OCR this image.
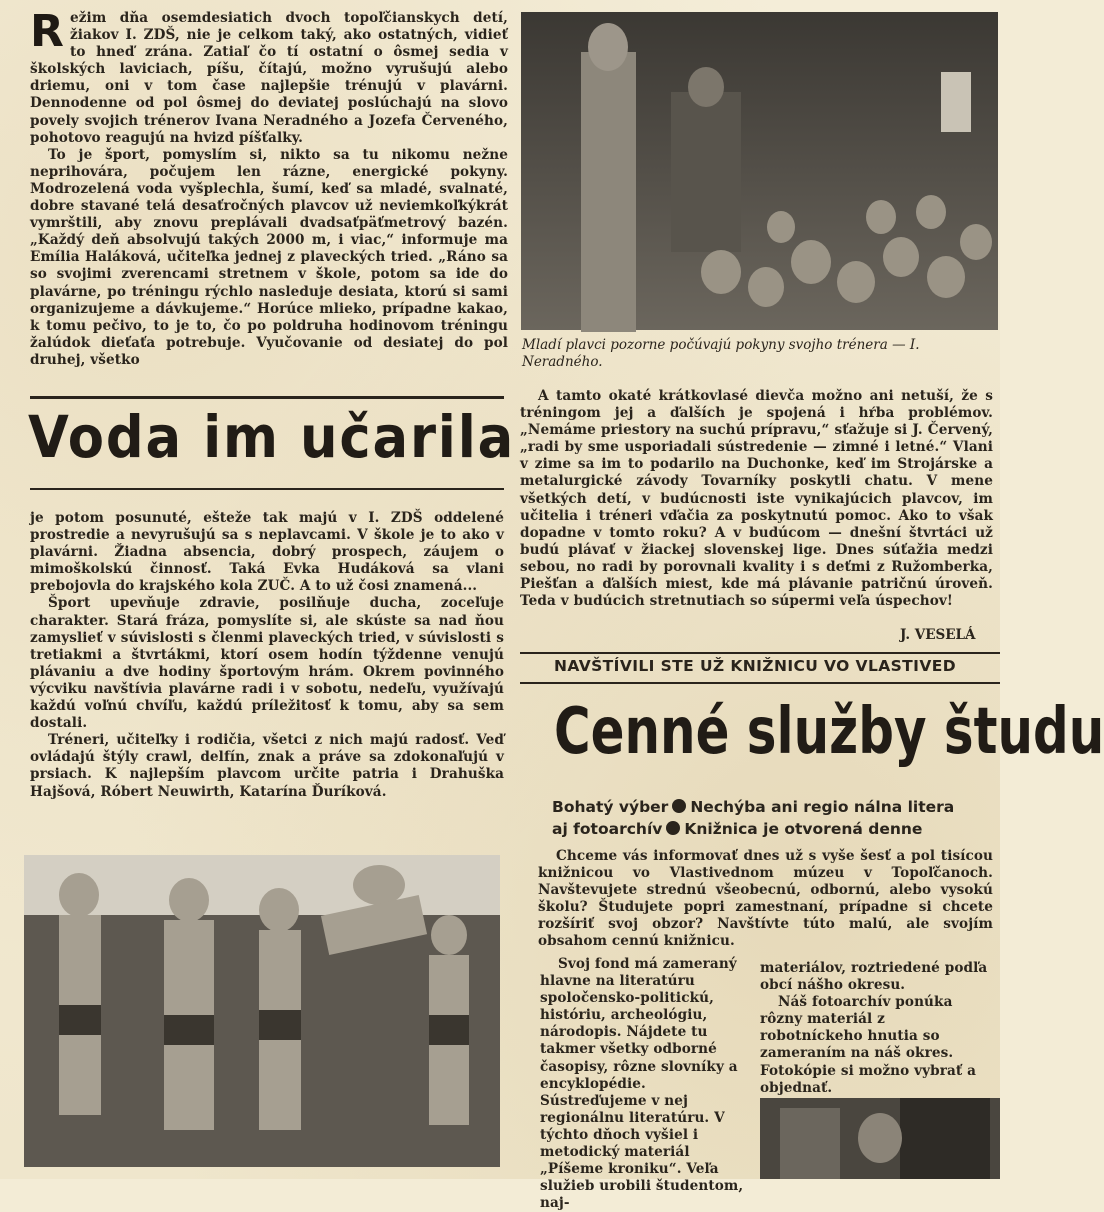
Režim dňa osemdesiatich dvoch topoľčianskych detí, žiakov I. ZDŠ, nie je celkom taký, ako ostatných, vidieť to hneď zrána. Zatiaľ čo tí ostatní o ôsmej sedia v školských laviciach, píšu, čítajú, možno vyrušujú alebo driemu, oni v tom čase najlepšie trénujú v plavárni. Dennodenne od pol ôsmej do deviatej poslúchajú na slovo povely svojich trénerov Ivana Neradného a Jozefa Červeného, pohotovo reagujú na hvizd píšťalky.

To je šport, pomyslím si, nikto sa tu nikomu nežne neprihovára, počujem len rázne, energické pokyny. Modrozelená voda vyšplechla, šumí, keď sa mladé, svalnaté, dobre stavané telá desaťročných plavcov už neviemkoľkýkrát vymrštili, aby znovu preplávali dvadsaťpäťmetrový bazén. „Každý deň absolvujú takých 2000 m, i viac,“ informuje ma Emília Haláková, učiteľka jednej z plaveckých tried. „Ráno sa so svojimi zverencami stretnem v škole, potom sa ide do plavárne, po tréningu rýchlo nasleduje desiata, ktorú si sami organizujeme a dávkujeme.“ Horúce mlieko, prípadne kakao, k tomu pečivo, to je to, čo po poldruha hodinovom tréningu žalúdok dieťaťa potrebuje. Vyučovanie od desiatej do pol druhej, všetko

Mladí plavci pozorne počúvajú pokyny svojho trénera — I. Neradného.

Voda im učarila

je potom posunuté, ešteže tak majú v I. ZDŠ oddelené prostredie a nevyrušujú sa s neplavcami. V škole je to ako v plavárni. Žiadna absencia, dobrý prospech, záujem o mimoškolskú činnosť. Taká Evka Hudáková sa vlani prebojovla do krajského kola ZUČ. A to už čosi znamená...

Šport upevňuje zdravie, posilňuje ducha, zoceľuje charakter. Stará fráza, pomyslíte si, ale skúste sa nad ňou zamyslieť v súvislosti s členmi plaveckých tried, v súvislosti s tretiakmi a štvrtákmi, ktorí osem hodín týždenne venujú plávaniu a dve hodiny športovým hrám. Okrem povinného výcviku navštívia plavárne radi i v sobotu, nedeľu, využívajú každú voľnú chvíľu, každú príležitosť k tomu, aby sa sem dostali.

Tréneri, učiteľky i rodičia, všetci z nich majú radosť. Veď ovládajú štýly crawl, delfín, znak a práve sa zdokonaľujú v prsiach. K najlepším plavcom určite patria i Drahuška Hajšová, Róbert Neuwirth, Katarína Ďuríková.

A tamto okaté krátkovlasé dievča možno ani netuší, že s tréningom jej a ďalších je spojená i hŕba problémov. „Nemáme priestory na suchú prípravu,“ sťažuje si J. Červený, „radi by sme usporiadali sústredenie — zimné i letné.“ Vlani v zime sa im to podarilo na Duchonke, keď im Strojárske a metalurgické závody Tovarníky poskytli chatu. V mene všetkých detí, v budúcnosti iste vynikajúcich plavcov, im učitelia i tréneri vďačia za poskytnutú pomoc. Ako to však dopadne v tomto roku? A v budúcom — dnešní štvrtáci už budú plávať v žiackej slovenskej lige. Dnes súťažia medzi sebou, no radi by porovnali kvality i s deťmi z Ružomberka, Piešťan a ďalších miest, kde má plávanie patričnú úroveň. Teda v budúcich stretnutiach so súpermi veľa úspechov!

J. VESELÁ

NAVŠTÍVILI STE UŽ KNIŽNICU VO VLASTIVED

Cenné služby študu
Bohatý výber Nechýba ani regio nálna litera
aj fotoarchív Knižnica je otvorená denne

Chceme vás informovať dnes už s vyše šesť a pol tisícou knižnicou vo Vlastivednom múzeu v Topoľčanoch. Navštevujete strednú všeobecnú, odbornú, alebo vysokú školu? Študujete popri zamestnaní, prípadne si chcete rozšíriť svoj obzor? Navštívte túto malú, ale svojím obsahom cennú knižnicu.

Svoj fond má zameraný hlavne na literatúru spoločensko-politickú, históriu, archeológiu, národopis. Nájdete tu takmer všetky odborné časopisy, rôzne slovníky a encyklopédie. Sústreďujeme v nej regionálnu literatúru. V týchto dňoch vyšiel i metodický materiál „Píšeme kroniku“. Veľa služieb urobili študentom, naj-

materiálov, roztriedené podľa obcí nášho okresu.

Náš fotoarchív ponúka rôzny materiál z robotníckeho hnutia so zameraním na náš okres. Fotokópie si možno vybrať a objednať.
